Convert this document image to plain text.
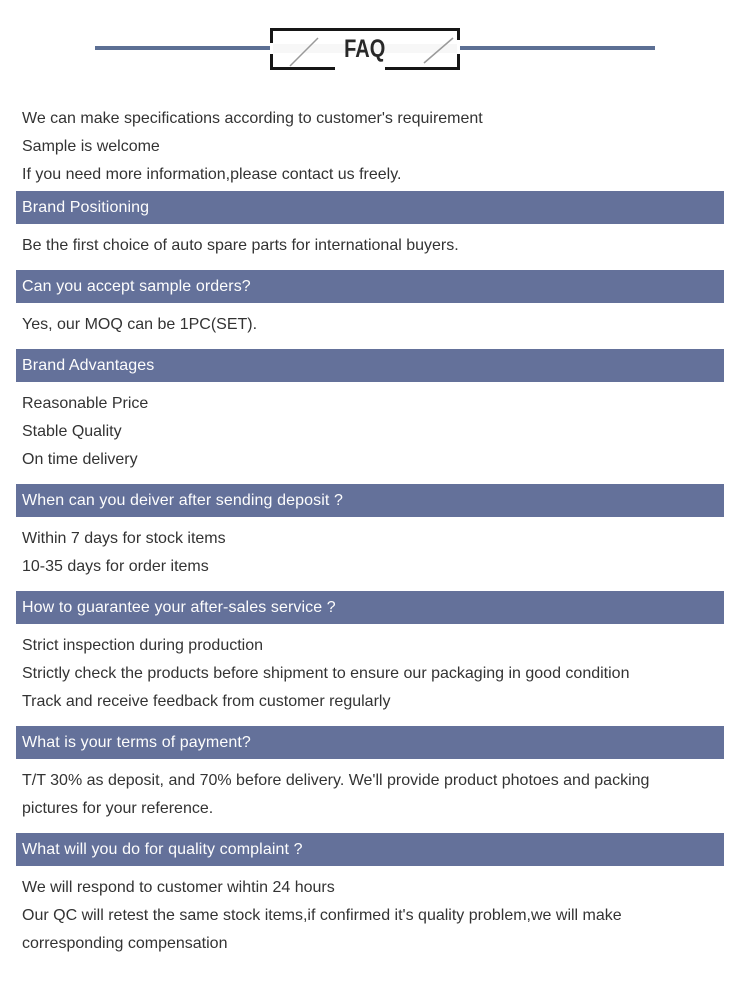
FAQ
We can make specifications according to customer's requirement
Sample is welcome
If you need more information,please contact us freely.
Brand Positioning
Be the first choice of auto spare parts for international buyers.
Can you accept sample orders?
Yes, our MOQ can be 1PC(SET).
Brand Advantages
Reasonable Price
Stable Quality
On time delivery
When can you deiver after sending deposit ?
Within 7 days for stock items
10-35 days for order items
How to guarantee your after-sales service ?
Strict inspection during production
Strictly check the products before shipment to ensure our packaging in good condition
Track and receive feedback from customer regularly
What is your terms of payment?
T/T 30% as deposit, and 70% before delivery. We'll provide product photoes and packing
pictures for your reference.
What will you do for quality complaint ?
We will respond to customer wihtin 24 hours
Our QC will retest the same stock items,if confirmed it's quality problem,we will make
corresponding compensation
